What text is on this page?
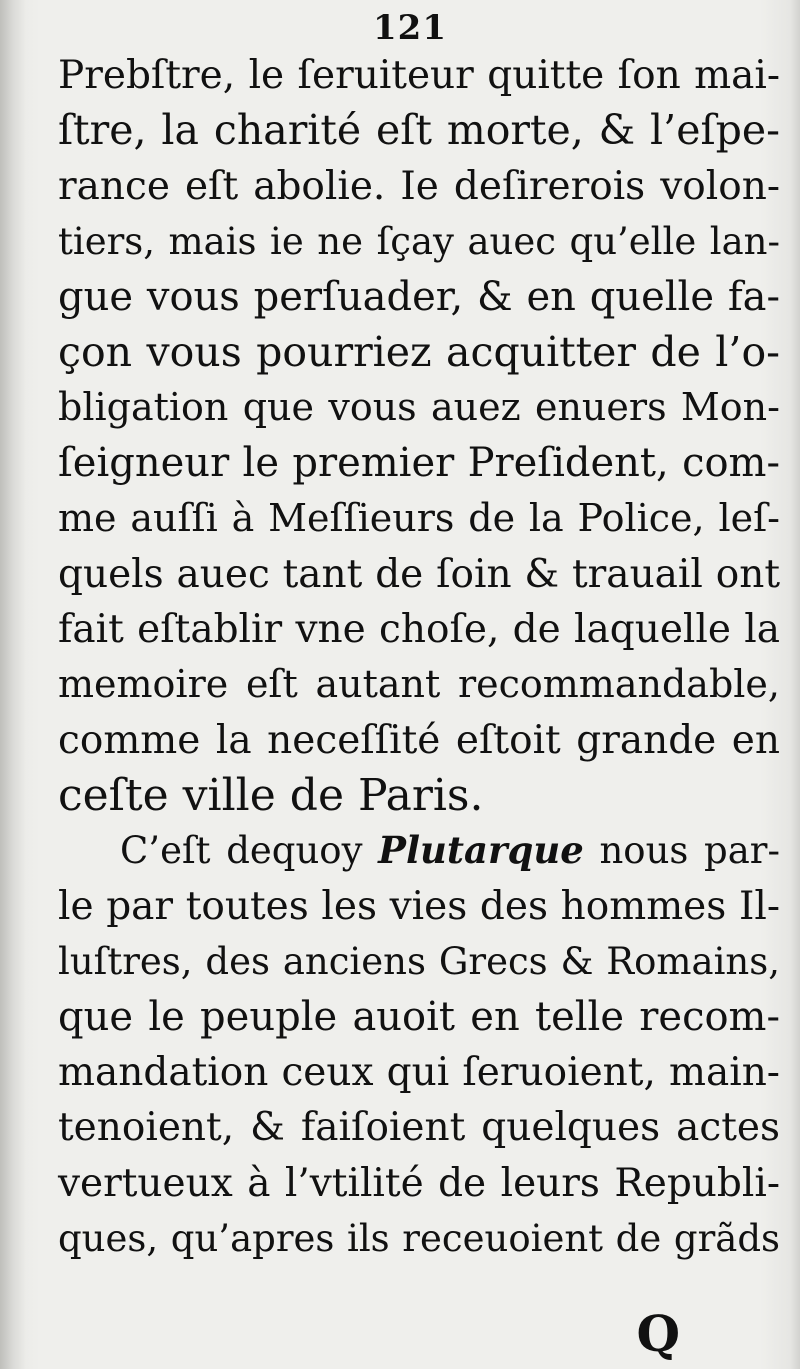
121
Prebſtre, le ſeruiteur quitte ſon mai-
ſtre, la charité eſt morte, & l’eſpe-
rance eſt abolie. Ie deſirerois volon-
tiers, mais ie ne ſçay auec qu’elle lan-
gue vous perſuader, & en quelle fa-
çon vous pourriez acquitter de l’o-
bligation que vous auez enuers Mon-
ſeigneur le premier Preſident, com-
me auſſi à Meſſieurs de la Police, leſ-
quels auec tant de ſoin & trauail ont
fait eſtablir vne choſe, de laquelle la
memoire eſt autant recommandable,
comme la neceſſité eſtoit grande en
ceſte ville de Paris.
C’eſt dequoy Plutarque nous par-
le par toutes les vies des hommes Il-
luſtres, des anciens Grecs & Romains,
que le peuple auoit en telle recom-
mandation ceux qui ſeruoient, main-
tenoient, & faiſoient quelques actes
vertueux à l’vtilité de leurs Republi-
ques, qu’apres ils receuoient de grãds
Q
